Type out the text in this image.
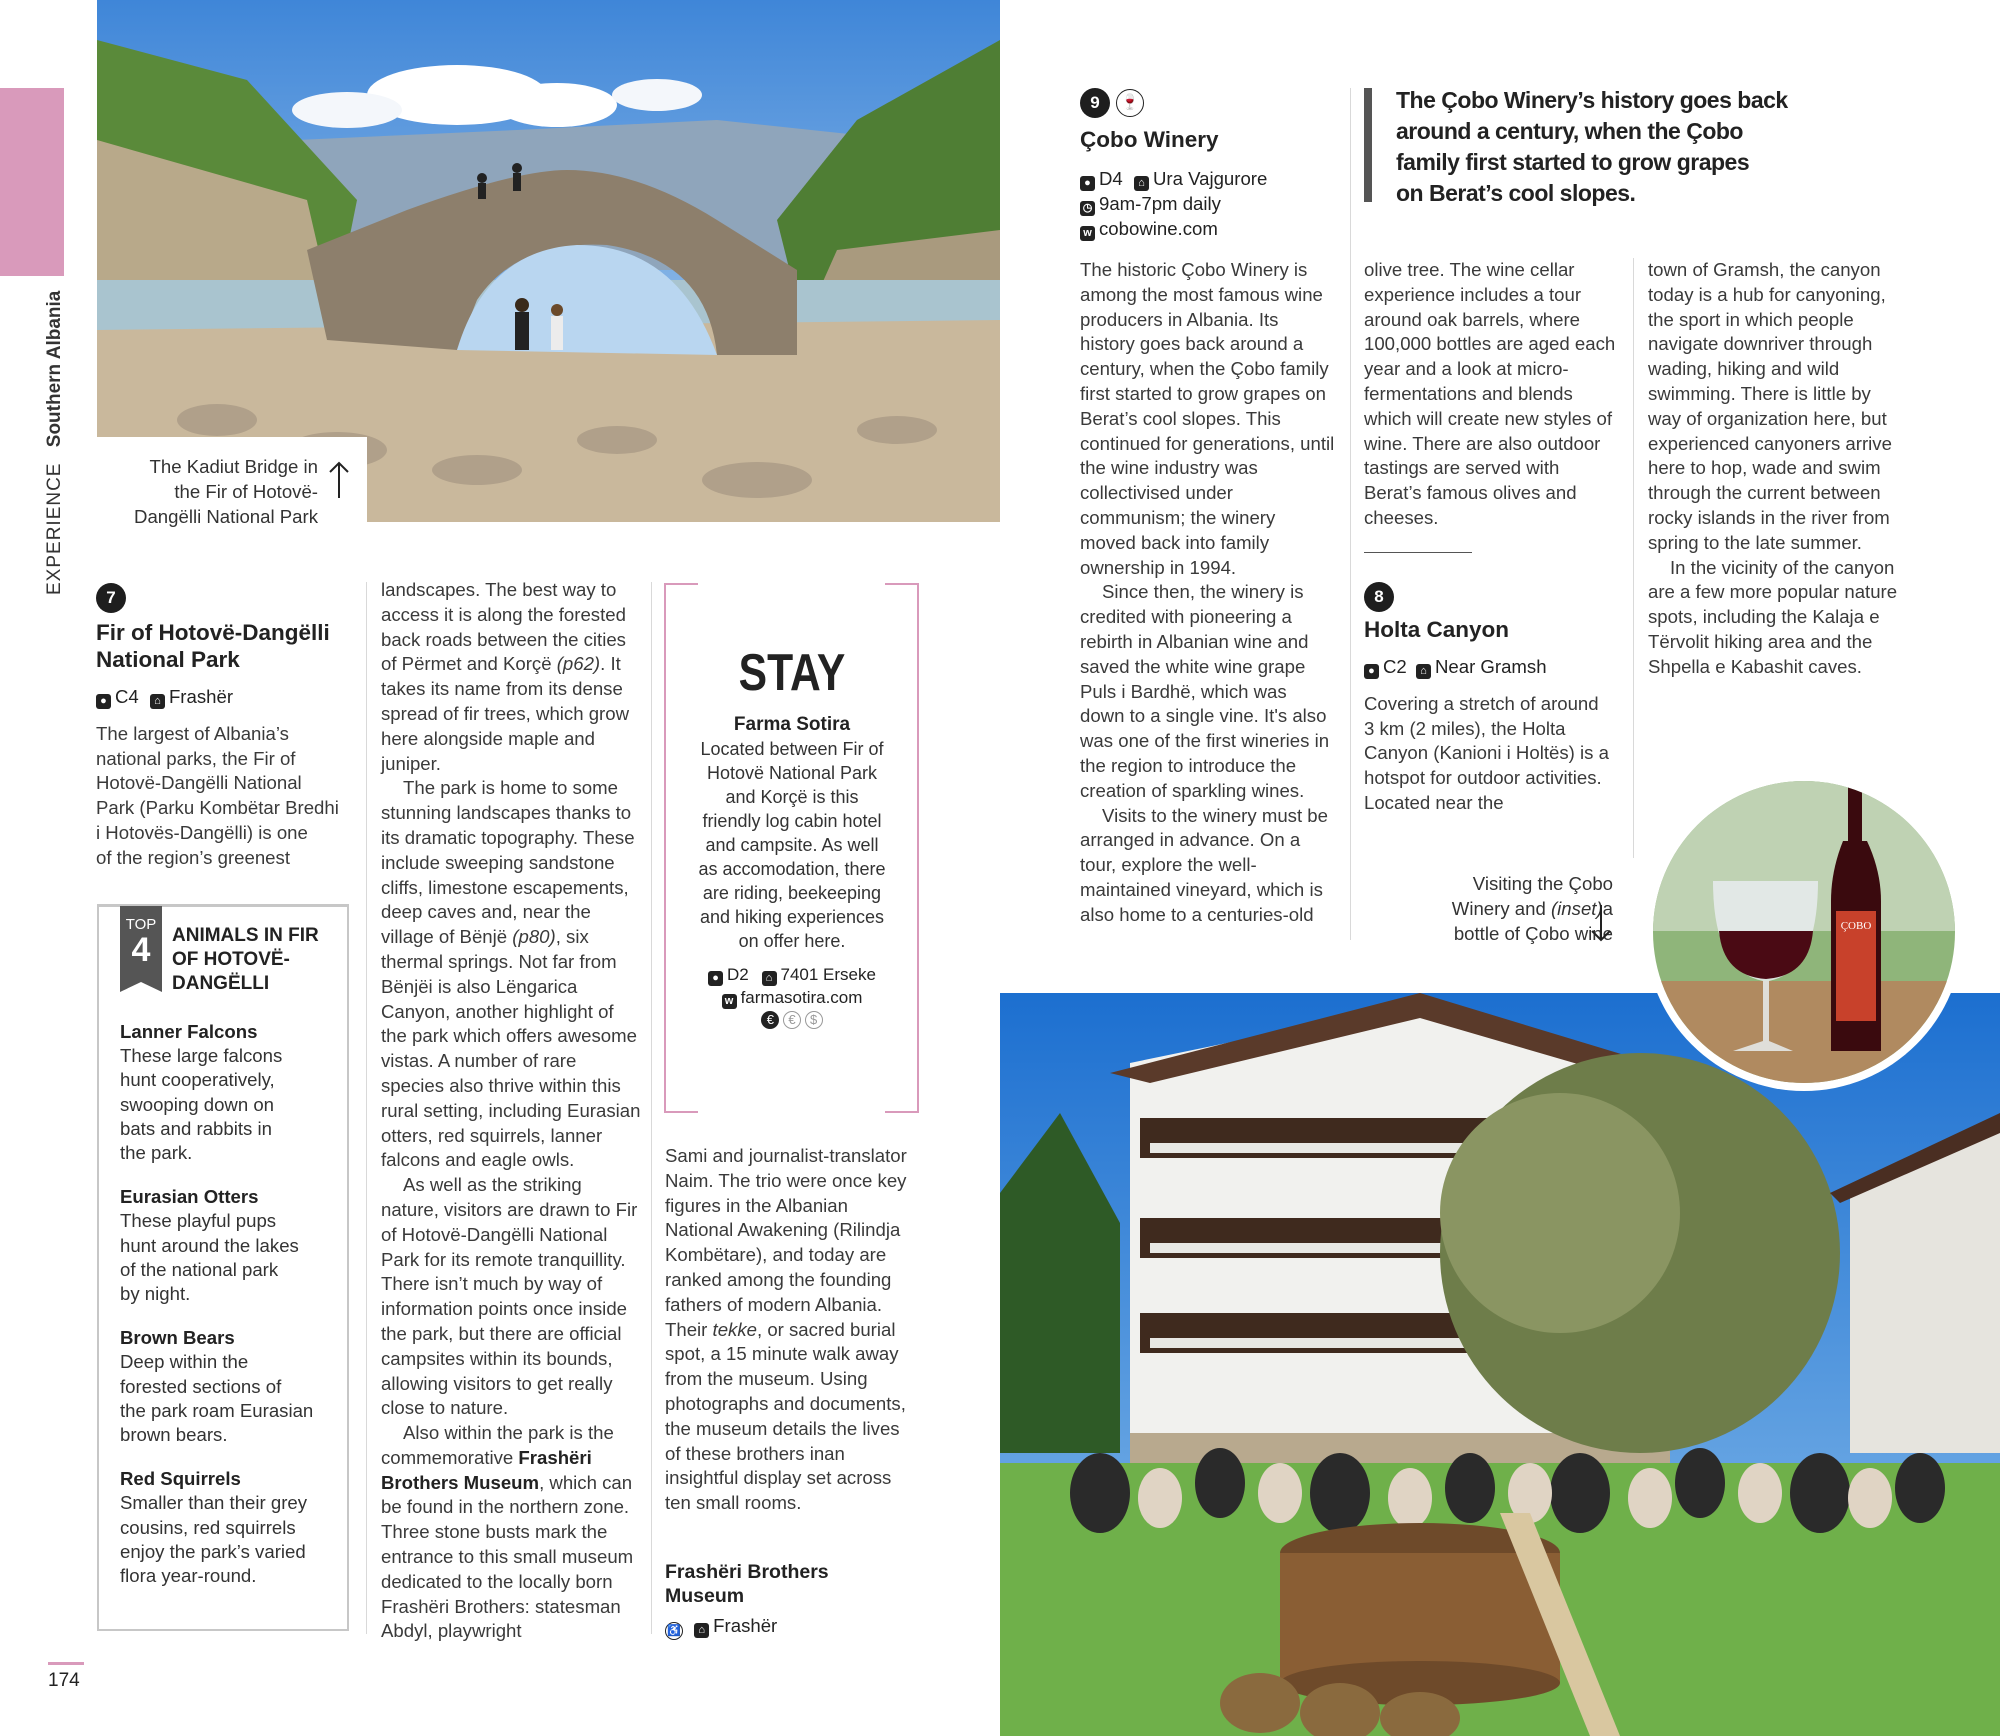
EXPERIENCE Southern Albania
174
The Kadiut Bridge in
the Fir of Hotovë-
Dangëlli National Park
7
Fir of Hotovë-Dangëlli
National Park
● C4 ⌂ Frashër
The largest of Albania’s
national parks, the Fir of
Hotovë-Dangëlli National
Park (Parku Kombëtar Bredhi
i Hotovës-Dangëlli) is one
of the region’s greenest
TOP
4	ANIMALS IN FIR
OF HOTOVË-
DANGËLLI
Lanner Falcons
These large falcons
hunt cooperatively,
swooping down on
bats and rabbits in
the park.
Eurasian Otters
These playful pups
hunt around the lakes
of the national park
by night.
Brown Bears
Deep within the
forested sections of
the park roam Eurasian
brown bears.
Red Squirrels
Smaller than their grey
cousins, red squirrels
enjoy the park’s varied
flora year-round.

landscapes. The best way to access it is along the forested back roads between the cities of Përmet and Korçë (p62). It takes its name from its dense spread of fir trees, which grow here alongside maple and juniper.

The park is home to some stunning landscapes thanks to its dramatic topography. These include sweeping sandstone cliffs, limestone escapements, deep caves and, near the village of Bënjë (p80), six thermal springs. Not far from Bënjëi is also Lëngarica Canyon, another highlight of the park which offers awesome vistas. A number of rare species also thrive within this rural setting, including Eurasian otters, red squirrels, lanner falcons and eagle owls.

As well as the striking nature, visitors are drawn to Fir of Hotovë-Dangëlli National Park for its remote tranquillity. There isn’t much by way of information points once inside the park, but there are official campsites within its bounds, allowing visitors to get really close to nature.

Also within the park is the commemorative Frashëri Brothers Museum, which can be found in the northern zone. Three stone busts mark the entrance to this small museum dedicated to the locally born Frashëri Brothers: statesman Abdyl, playwright

STAY
Farma Sotira
Located between Fir of
Hotovë National Park
and Korçë is this
friendly log cabin hotel
and campsite. As well
as accomodation, there
are riding, beekeeping
and hiking experiences
on offer here.
● D2 ⌂ 7401 Erseke
w farmasotira.com
€ € $

Sami and journalist-translator Naim. The trio were once key figures in the Albanian National Awakening (Rilindja Kombëtare), and today are ranked among the founding fathers of modern Albania. Their tekke, or sacred burial spot, a 15 minute walk away from the museum. Using photographs and documents, the museum details the lives of these brothers inan insightful display set across ten small rooms.

Frashëri Brothers
Museum
♿ ⌂ Frashër
9	🍷
Çobo Winery
● D4 ⌂ Ura Vajgurore
◷ 9am-7pm daily
w cobowine.com

The historic Çobo Winery is among the most famous wine producers in Albania. Its history goes back around a century, when the Çobo family first started to grow grapes on Berat’s cool slopes. This continued for generations, until the wine industry was collectivised under communism; the winery moved back into family ownership in 1994.

Since then, the winery is credited with pioneering a rebirth in Albanian wine and saved the white wine grape Puls i Bardhë, which was down to a single vine. It's also was one of the first wineries in the region to introduce the creation of sparkling wines.

Visits to the winery must be arranged in advance. On a tour, explore the well-maintained vineyard, which is also home to a centuries-old

The Çobo Winery’s history goes back
around a century, when the Çobo
family first started to grow grapes
on Berat’s cool slopes.

olive tree. The wine cellar experience includes a tour around oak barrels, where 100,000 bottles are aged each year and a look at micro-fermentations and blends which will create new styles of wine. There are also outdoor tastings are served with Berat’s famous olives and cheeses.

8
Holta Canyon
● C2 ⌂ Near Gramsh
Covering a stretch of around 3 km (2 miles), the Holta Canyon (Kanioni i Holtës) is a hotspot for outdoor activities. Located near the

town of Gramsh, the canyon today is a hub for canyoning, the sport in which people navigate downriver through wading, hiking and wild swimming. There is little by way of organization here, but experienced canyoners arrive here to hop, wade and swim through the current between rocky islands in the river from spring to the late summer.

In the vicinity of the canyon are a few more popular nature spots, including the Kalaja e Tërvolit hiking area and the Shpella e Kabashit caves.

ÇOBO
Visiting the Çobo
Winery and (inset)a
bottle of Çobo wine
